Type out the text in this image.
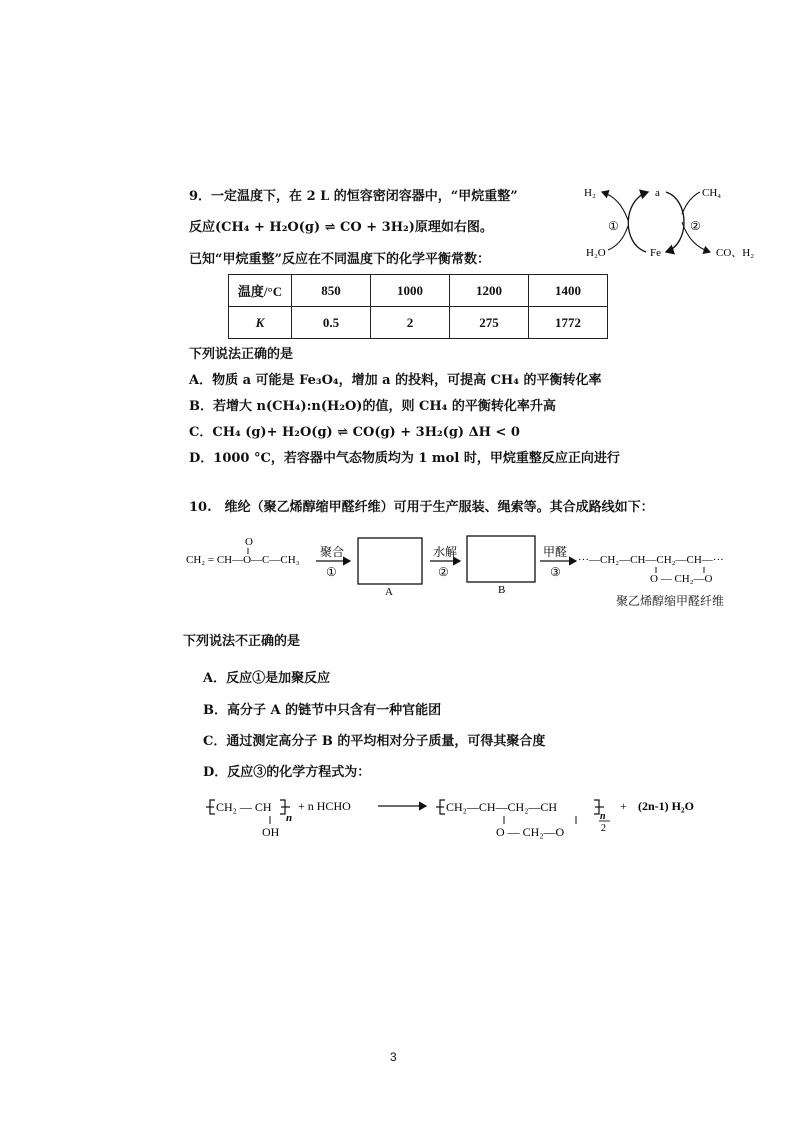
9．一定温度下，在 2 L 的恒容密闭容器中，“甲烷重整”
反应(CH₄ + H₂O(g) ⇌ CO + 3H₂)原理如右图。
已知“甲烷重整”反应在不同温度下的化学平衡常数：
H₂	a	CH₄
①	②
H₂O	Fe	CO、H₂
温度/°C	850	1000	1200	1400
K	0.5	2	275	1772
下列说法正确的是
A．物质 a 可能是 Fe₃O₄，增加 a 的投料，可提高 CH₄ 的平衡转化率
B．若增大 n(CH₄):n(H₂O)的值，则 CH₄ 的平衡转化率升高
C．CH₄ (g)+ H₂O(g) ⇌ CO(g) + 3H₂(g) ΔH < 0
D．1000 °C，若容器中气态物质均为 1 mol 时，甲烷重整反应正向进行
10.　维纶（聚乙烯醇缩甲醛纤维）可用于生产服装、绳索等。其合成路线如下：
O
CH₂ = CH—O—C—CH₃
聚合
①
A
水解
②
B
甲醛
③
···—CH₂—CH—CH₂—CH—···
O — CH₂—O
聚乙烯醇缩甲醛纤维
下列说法不正确的是
A．反应①是加聚反应
B．高分子 A 的链节中只含有一种官能团
C．通过测定高分子 B 的平均相对分子质量，可得其聚合度
D．反应③的化学方程式为：
CH₂ — CH
n
OH
+ n HCHO	CH₂—CH—CH₂—CH
n
2
O — CH₂—O
+ (2n-1) H₂O
3
